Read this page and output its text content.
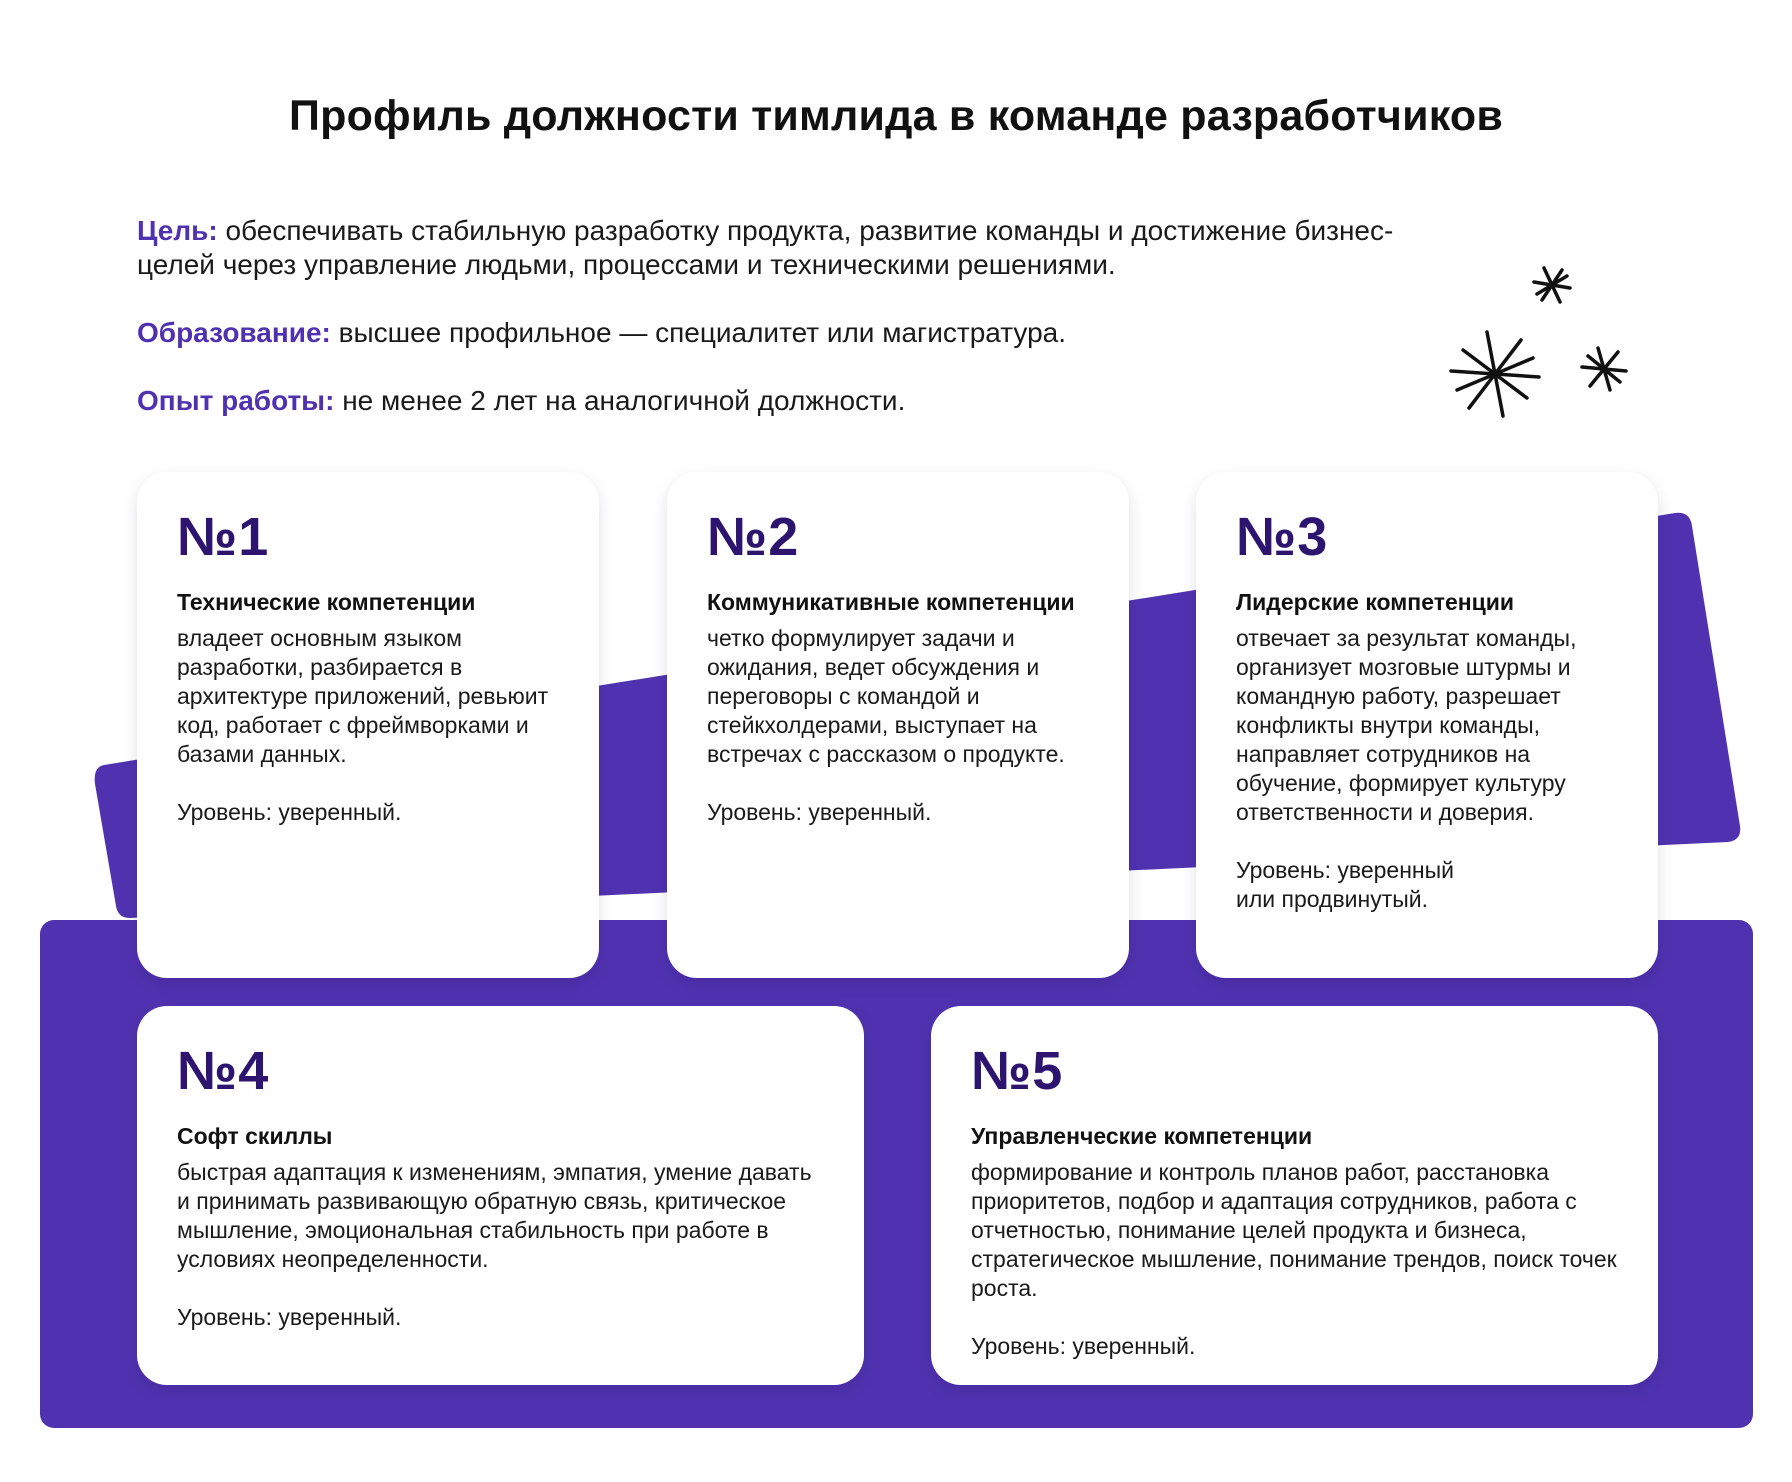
Профиль должности тимлида в команде разработчиков

Цель: обеспечивать стабильную разработку продукта, развитие команды и достижение бизнес-целей через управление людьми, процессами и техническими решениями.

Образование: высшее профильное — специалитет или магистратура.

Опыт работы: не менее 2 лет на аналогичной должности.

№1
Технические компетенции

владеет основным языком разработки, разбирается в архитектуре приложений, ревьюит код, работает с фреймворками и базами данных.

Уровень: уверенный.

№2
Коммуникативные компетенции

четко формулирует задачи и ожидания, ведет обсуждения и переговоры с командой и стейкхолдерами, выступает на встречах с рассказом о продукте.

Уровень: уверенный.

№3
Лидерские компетенции

отвечает за результат команды, организует мозговые штурмы и командную работу, разрешает конфликты внутри команды, направляет сотрудников на обучение, формирует культуру ответственности и доверия.

Уровень: уверенный
или продвинутый.

№4
Софт скиллы

быстрая адаптация к изменениям, эмпатия, умение давать и принимать развивающую обратную связь, критическое мышление, эмоциональная стабильность при работе в условиях неопределенности.

Уровень: уверенный.

№5
Управленческие компетенции

формирование и контроль планов работ, расстановка приоритетов, подбор и адаптация сотрудников, работа с отчетностью, понимание целей продукта и бизнеса, стратегическое мышление, понимание трендов, поиск точек роста.

Уровень: уверенный.
